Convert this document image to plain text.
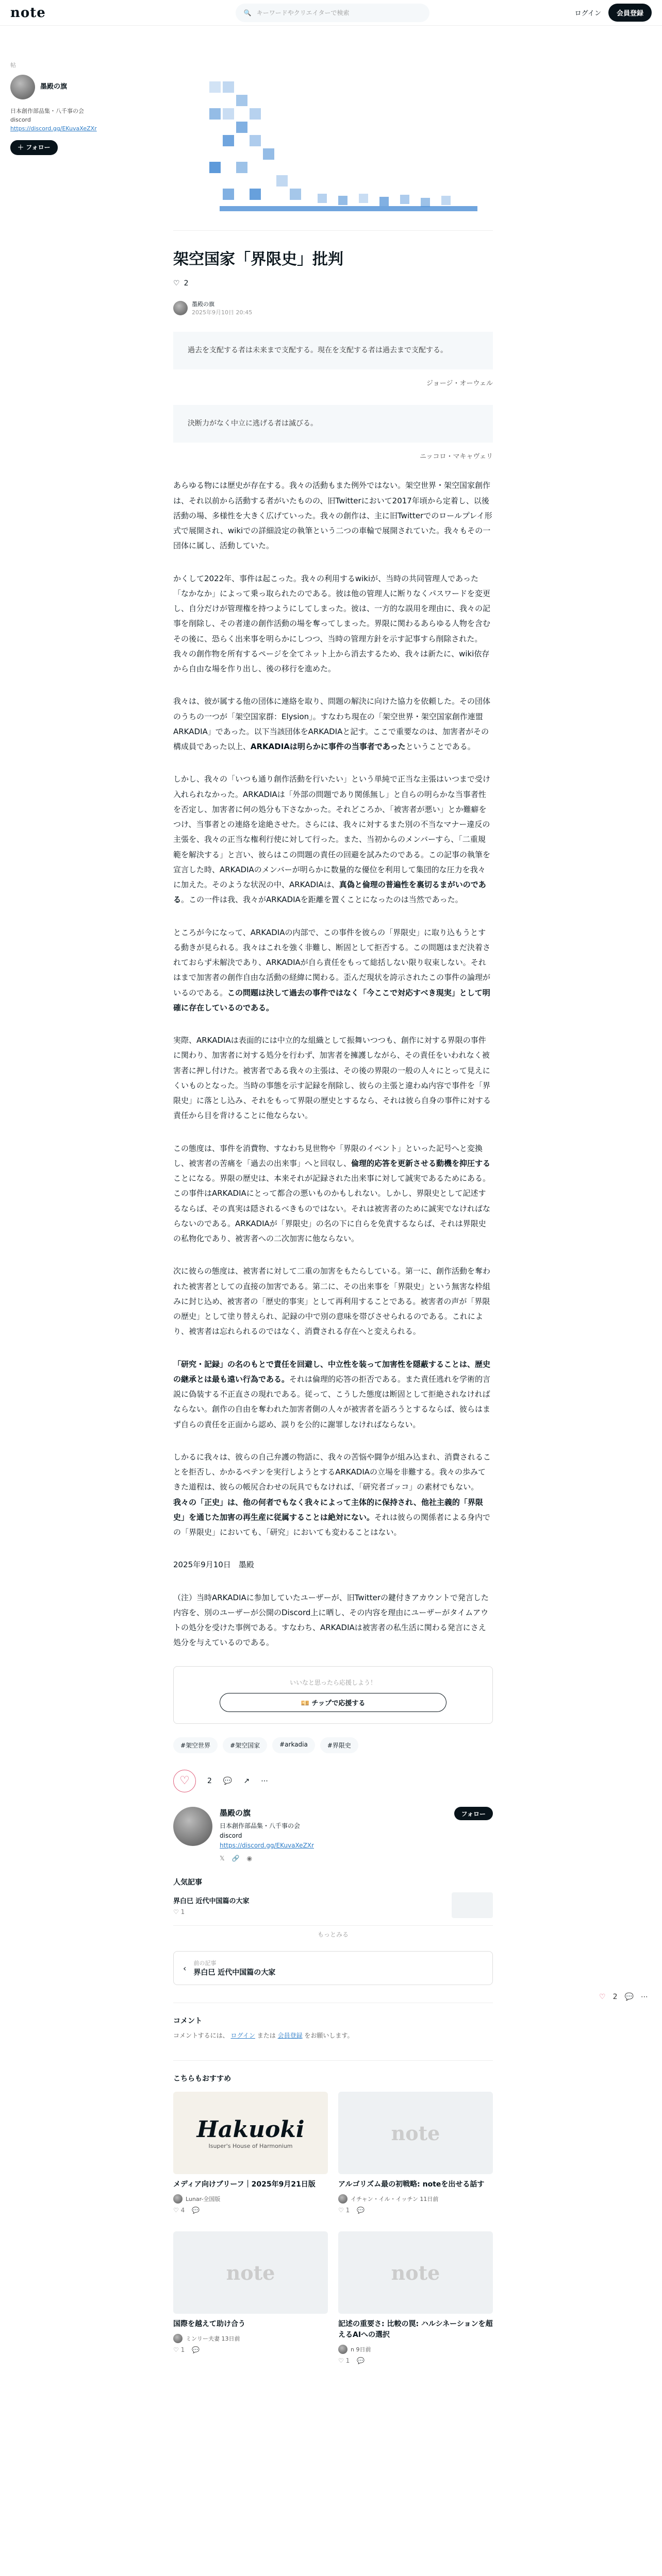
note	🔍 キーワードやクリエイターで検索	ログイン	会員登録
帖
墨殿の旗
日本創作部品集・八千事の会
discord
https://discord.gg/EKuvaXeZXr
＋ フォロー
架空国家「界限史」批判
♡ 2
墨殿の旗
2025年9月10日 20:45
過去を支配する者は未来まで支配する。現在を支配する者は過去まで支配する。
ジョージ・オーウェル
決断力がなく中立に逃げる者は滅びる。
ニッコロ・マキャヴェリ

あらゆる物には歴史が存在する。我々の活動もまた例外ではない。架空世界・架空国家創作は、それ以前から活動する者がいたものの、旧Twitterにおいて2017年頃から定着し、以後活動の場、多様性を大きく広げていった。我々の創作は、主に旧Twitterでのロールプレイ形式で展開され、wikiでの詳細設定の執筆という二つの車輪で展開されていた。我々もその一団体に属し、活動していた。

かくして2022年、事件は起こった。我々の利用するwikiが、当時の共同管理人であった「なかなか」によって乗っ取られたのである。彼は他の管理人に断りなくパスワードを変更し、自分だけが管理権を持つようにしてしまった。彼は、一方的な誤用を理由に、我々の記事を削除し、その者達の創作活動の場を奪ってしまった。界限に関わるあらゆる人物を含むその後に、恐らく出来事を明らかにしつつ、当時の管理方針を示す記事すら削除された。我々の創作物を所有するページを全てネット上から消去するため、我々は新たに、wiki依存から自由な場を作り出し、後の移行を進めた。

我々は、彼が属する他の団体に連絡を取り、問題の解決に向けた協力を依頼した。その団体のうちの一つが「架空国家群：Elysion」。すなわち現在の「架空世界・架空国家創作連盟 ARKADIA」であった。以下当該団体をARKADIAと記す。ここで重要なのは、加害者がその構成員であった以上、ARKADIAは明らかに事件の当事者であったということである。

しかし、我々の「いつも通り創作活動を行いたい」という単純で正当な主張はいつまで受け入れられなかった。ARKADIAは「外部の問題であり関係無し」と自らの明らかな当事者性を否定し、加害者に何の処分も下さなかった。それどころか、「被害者が悪い」とか難癖をつけ、当事者との連絡を途絶させた。さらには、我々に対するまた別の不当なマナー違反の主張を、我々の正当な権利行使に対して行った。また、当初からのメンバーすら、「二重規範を解決する」と言い、彼らはこの問題の責任の回避を試みたのである。この記事の執筆を宣言した時、ARKADIAのメンバーが明らかに数量的な優位を利用して集団的な圧力を我々に加えた。そのような状況の中、ARKADIAは、真偽と倫理の普遍性を裏切るまがいのである。この一件は我、我々がARKADIAを距離を置くことになったのは当然であった。

ところが今になって、ARKADIAの内部で、この事件を彼らの「界限史」に取り込もうとする動きが見られる。我々はこれを強く非難し、断固として拒否する。この問題はまだ決着されておらず未解決であり、ARKADIAが自ら責任をもって総括しない限り収束しない。それはまで加害者の創作自由な活動の経緯に関わる。歪んだ現状を誇示されたこの事件の論理がいるのである。この問題は決して過去の事件ではなく「今ここで対応すべき現実」として明確に存在しているのである。

実際、ARKADIAは表面的には中立的な組織として振舞いつつも、創作に対する界限の事件に関わり、加害者に対する処分を行わず、加害者を擁護しながら、その責任をいわれなく被害者に押し付けた。被害者である我々の主張は、その後の界限の一般の人々にとって見えにくいものとなった。当時の事態を示す記録を削除し、彼らの主張と違わぬ内容で事件を「界限史」に落とし込み、それをもって界限の歴史とするなら、それは彼ら自身の事件に対する責任から目を背けることに他ならない。

この態度は、事件を消費物、すなわち見世物や「界限のイベント」といった記号へと変換し、被害者の苦痛を「過去の出来事」へと回収し、倫理的応答を更新させる動機を抑圧することになる。界限の歴史は、本来それが記録された出来事に対して誠実であるためにある。この事件はARKADIAにとって都合の悪いものかもしれない。しかし、界限史として記述するならば、その真実は隠されるべきものではない。それは被害者のために誠実でなければならないのである。ARKADIAが「界限史」の名の下に自らを免責するならば、それは界限史の私物化であり、被害者への二次加害に他ならない。

次に彼らの態度は、被害者に対して二重の加害をもたらしている。第一に、創作活動を奪われた被害者としての直接の加害である。第二に、その出来事を「界限史」という無害な枠組みに封じ込め、被害者の「歴史的事実」として再利用することである。被害者の声が「界限の歴史」として塗り替えられ、記録の中で別の意味を帯びさせられるのである。これにより、被害者は忘れられるのではなく、消費される存在へと変えられる。

「研究・記録」の名のもとで責任を回避し、中立性を装って加害性を隠蔽することは、歴史の継承とは最も遠い行為である。それは倫理的応答の拒否である。また責任逃れを学術的言説に偽装する不正直さの現れである。従って、こうした態度は断固として拒絶されなければならない。創作の自由を奪われた加害者側の人々が被害者を語ろうとするならば、彼らはまず自らの責任を正面から認め、誤りを公的に謝罪しなければならない。

しかるに我々は、彼らの自己弁護の物語に、我々の苦悩や闘争が組み込まれ、消費されることを拒否し、かかるペテンを実行しようとするARKADIAの立場を非難する。我々の歩みてきた道程は、彼らの帳尻合わせの玩具でもなければ、「研究者ゴッコ」の素材でもない。我々の「正史」は、他の何者でもなく我々によって主体的に保持され、他社主義的「界限史」を通じた加害の再生産に従属することは絶対にない。それは彼らの関係者による身内での「界限史」においても、「研究」においても変わることはない。

2025年9月10日　墨殿

（注）当時ARKADIAに参加していたユーザーが、旧Twitterの鍵付きアカウントで発言した内容を、別のユーザーが公開のDiscord上に晒し、その内容を理由にユーザーがタイムアウトの処分を受けた事例である。すなわち、ARKADIAは被害者の私生活に関わる発言にさえ処分を与えているのである。

いいなと思ったら応援しよう！
💴 チップで応援する
#架空世界	#架空国家	#arkadia	#界限史
♡ 2 💬 ↗ ⋯
墨殿の旗
日本創作部品集・八千事の会
discord
https://discord.gg/EKuvaXeZXr
𝕏 🔗 ◉
フォロー
人気記事
界白巳 近代中国篇の大家
♡ 1
もっとみる
‹ 前の記事
界白巳 近代中国篇の大家
コメント
コメントするには、 ログイン または 会員登録 をお願いします。
こちらもおすすめ
Hakuoki
Isuper's House of Harmonium
メディア向けブリーフ｜2025年9月21日版
Lunar-全国版
♡ 4 💬
note
アルゴリズム最の初戦略: noteを出せる話す
イチャン・イル・イッチン 11日前
♡ 1 💬
note
国際を越えて助け合う
ミンリー夫妻 13日前
♡ 1 💬
note
記述の重要さ: 比較の罠: ハルシネーションを超えるAIへの選択
n 9日前
♡ 1 💬
♡ 2 💬 ⋯
